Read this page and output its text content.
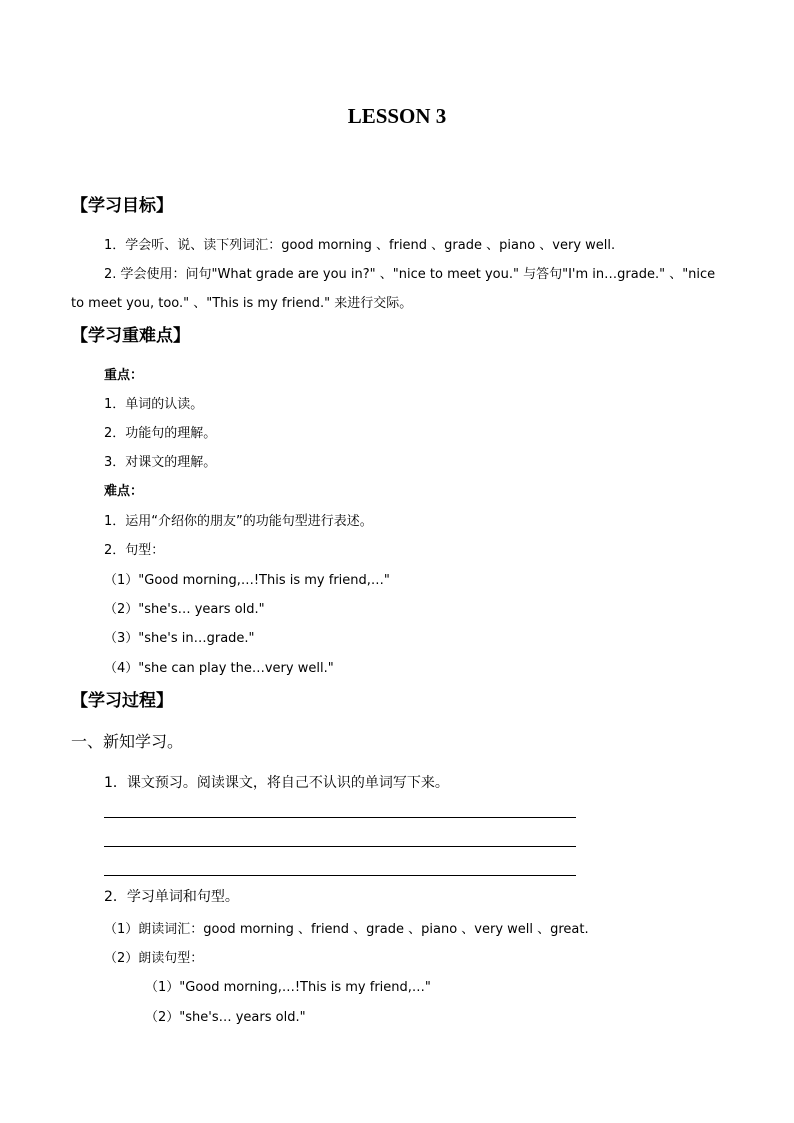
LESSON 3
【学习目标】
1．学会听、说、读下列词汇：good morning 、friend 、grade 、piano 、very well.
2. 学会使用：问句"What grade are you in?" 、"nice to meet you." 与答句"I'm in…grade." 、"nice
to meet you, too." 、"This is my friend." 来进行交际。
【学习重难点】
重点：
1．单词的认读。
2．功能句的理解。
3．对课文的理解。
难点：
1．运用“介绍你的朋友”的功能句型进行表述。
2．句型：
（1）"Good morning,…!This is my friend,…"
（2）"she's… years old."
（3）"she's in…grade."
（4）"she can play the…very well."
【学习过程】
一、新知学习。
1．课文预习。阅读课文，将自己不认识的单词写下来。
2．学习单词和句型。
（1）朗读词汇：good morning 、friend 、grade 、piano 、very well 、great.
（2）朗读句型：
（1）"Good morning,…!This is my friend,…"
（2）"she's… years old."
